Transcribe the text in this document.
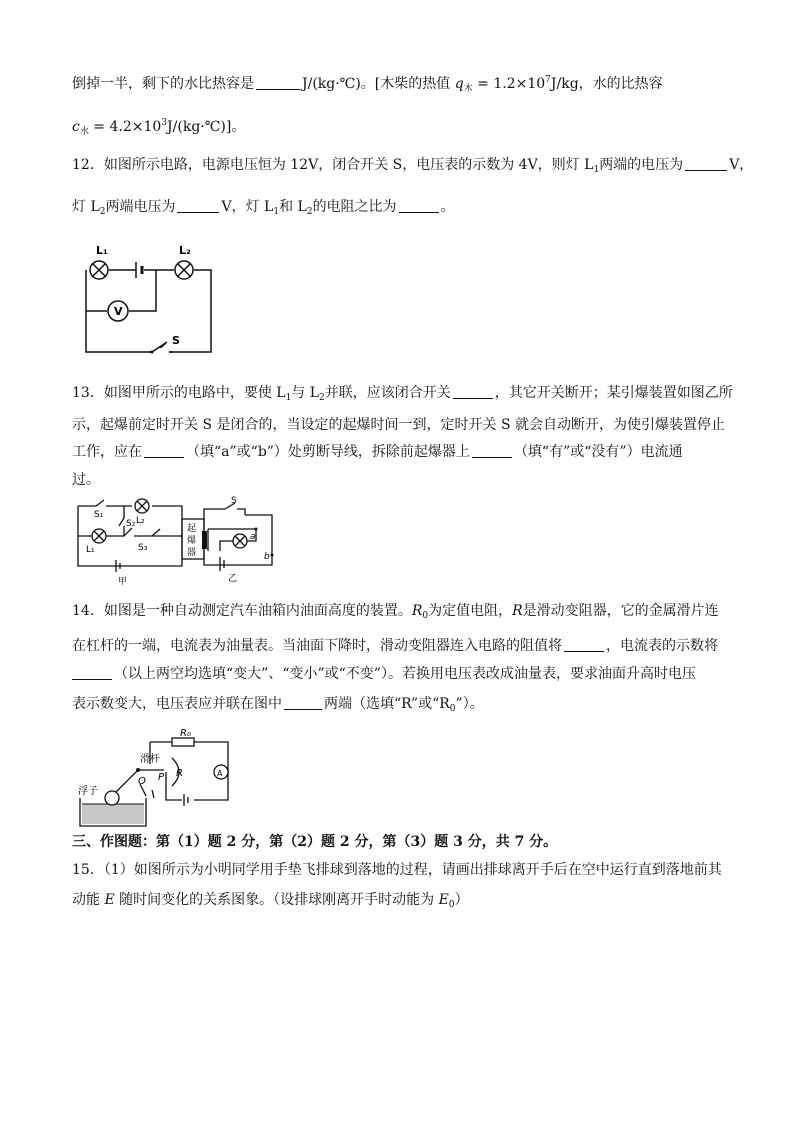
倒掉一半，剩下的水比热容是	J/(kg·℃)。[木柴的热值 $q_木 = 1.2\times 10^7J/kg$，水的比热容
$c_水$ = $4.2\times 10^3J/(kg\cdot℃)$]。
12．如图所示电路，电源电压恒为 12V，闭合开关 S，电压表的示数为 4V，则灯 $L_1$两端的电压为	V，
灯 $L_2$两端电压为	V，灯 $L_1$和 $L_2$的电阻之比为	。
L₁	L₂
V
S
13．如图甲所示的电路中，要使 $L_1$与 $L_2$并联，应该闭合开关	，其它开关断开；某引爆装置如图乙所
示，起爆前定时开关 S 是闭合的，当设定的起爆时间一到，定时开关 S 就会自动断开，为使引爆装置停止
工作，应在	（填“a”或“b”）处剪断导线，拆除前起爆器上	（填“有”或“没有”）电流通
过。
S₁
S₂ L₂
L₁	S₃
甲
S
a
b
起
爆
器
乙
14．如图是一种自动测定汽车油箱内油面高度的装置。$R_0$为定值电阻，R是滑动变阻器，它的金属滑片连
在杠杆的一端，电流表为油量表。当油面下降时，滑动变阻器连入电路的阻值将	，电流表的示数将
（以上两空均选填“变大”、“变小”或“不变”）。若换用电压表改成油量表，要求油面升高时电压
表示数变大，电压表应并联在图中	两端（选填“R”或“$R_0$”）。
R₀
R
P
O
A
滑杆
浮子
三、作图题：第（1）题 2 分，第（2）题 2 分，第（3）题 3 分，共 7 分。
15．（1）如图所示为小明同学用手垫飞排球到落地的过程，请画出排球离开手后在空中运行直到落地前其
动能 E 随时间变化的关系图象。（设排球刚离开手时动能为 $E_0$）
